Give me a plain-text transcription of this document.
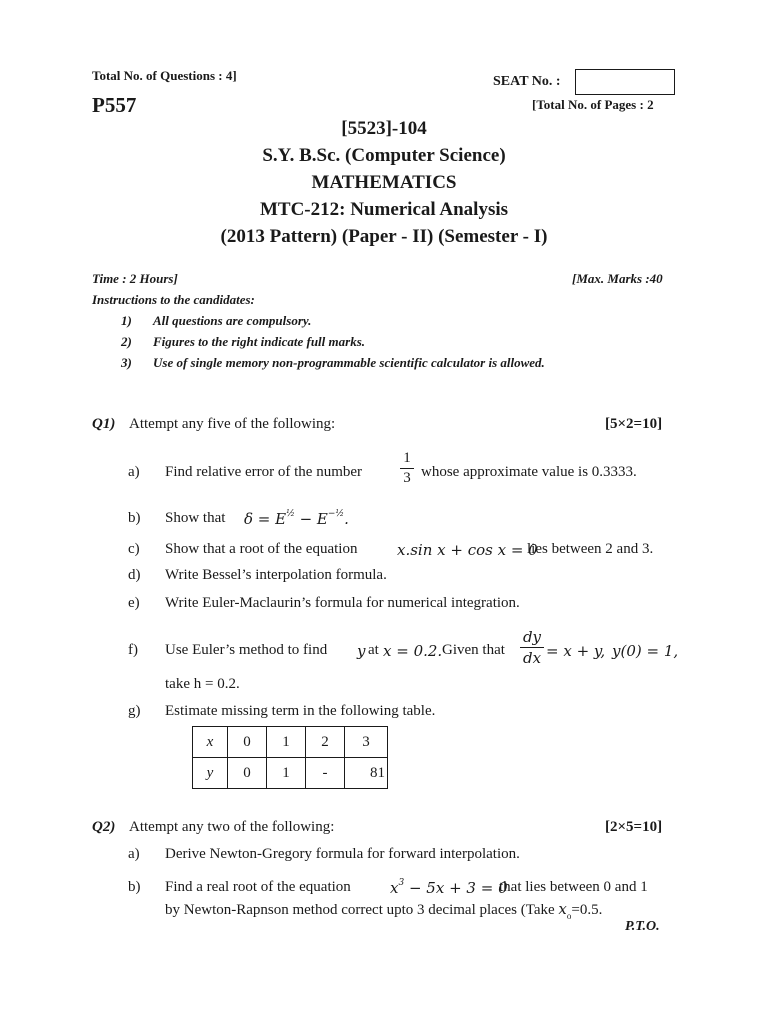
Total No. of Questions : 4]	SEAT No. :
P557	[Total No. of Pages : 2
[5523]-104
S.Y. B.Sc. (Computer Science)
MATHEMATICS
MTC-212: Numerical Analysis
(2013 Pattern) (Paper - II) (Semester - I)
Time : 2 Hours]	[Max. Marks :40
Instructions to the candidates:
1) All questions are compulsory.
2) Figures to the right indicate full marks.
3) Use of single memory non-programmable scientific calculator is allowed.
Q1) Attempt any five of the following:	[5×2=10]
a) Find relative error of the number
1
3 whose approximate value is 0.3333.
b) Show that $\delta = E^{\frac{1}{2}} - E^{-\frac{1}{2}}$.
c) Show that a root of the equation	x.sin x + cos x = 0
lies between 2 and 3.
d) Write Bessel’s interpolation formula.
e) Write Euler-Maclaurin’s formula for numerical integration.
f) Use Euler’s method to find y at x = 0.2. Given that
dy
dx = x + y, y(0) = 1,
take h = 0.2.
g) Estimate missing term in the following table.
x	0	1	2	3
y	0	1	-	81
Q2) Attempt any two of the following:	[2×5=10]
a) Derive Newton-Gregory formula for forward interpolation.
b) Find a real root of the equation	$x^3 - 5x + 3 = 0$
that lies between 0 and 1
by Newton-Rapnson method correct upto 3 decimal places (Take $x_o=0.5$.
P.T.O.
